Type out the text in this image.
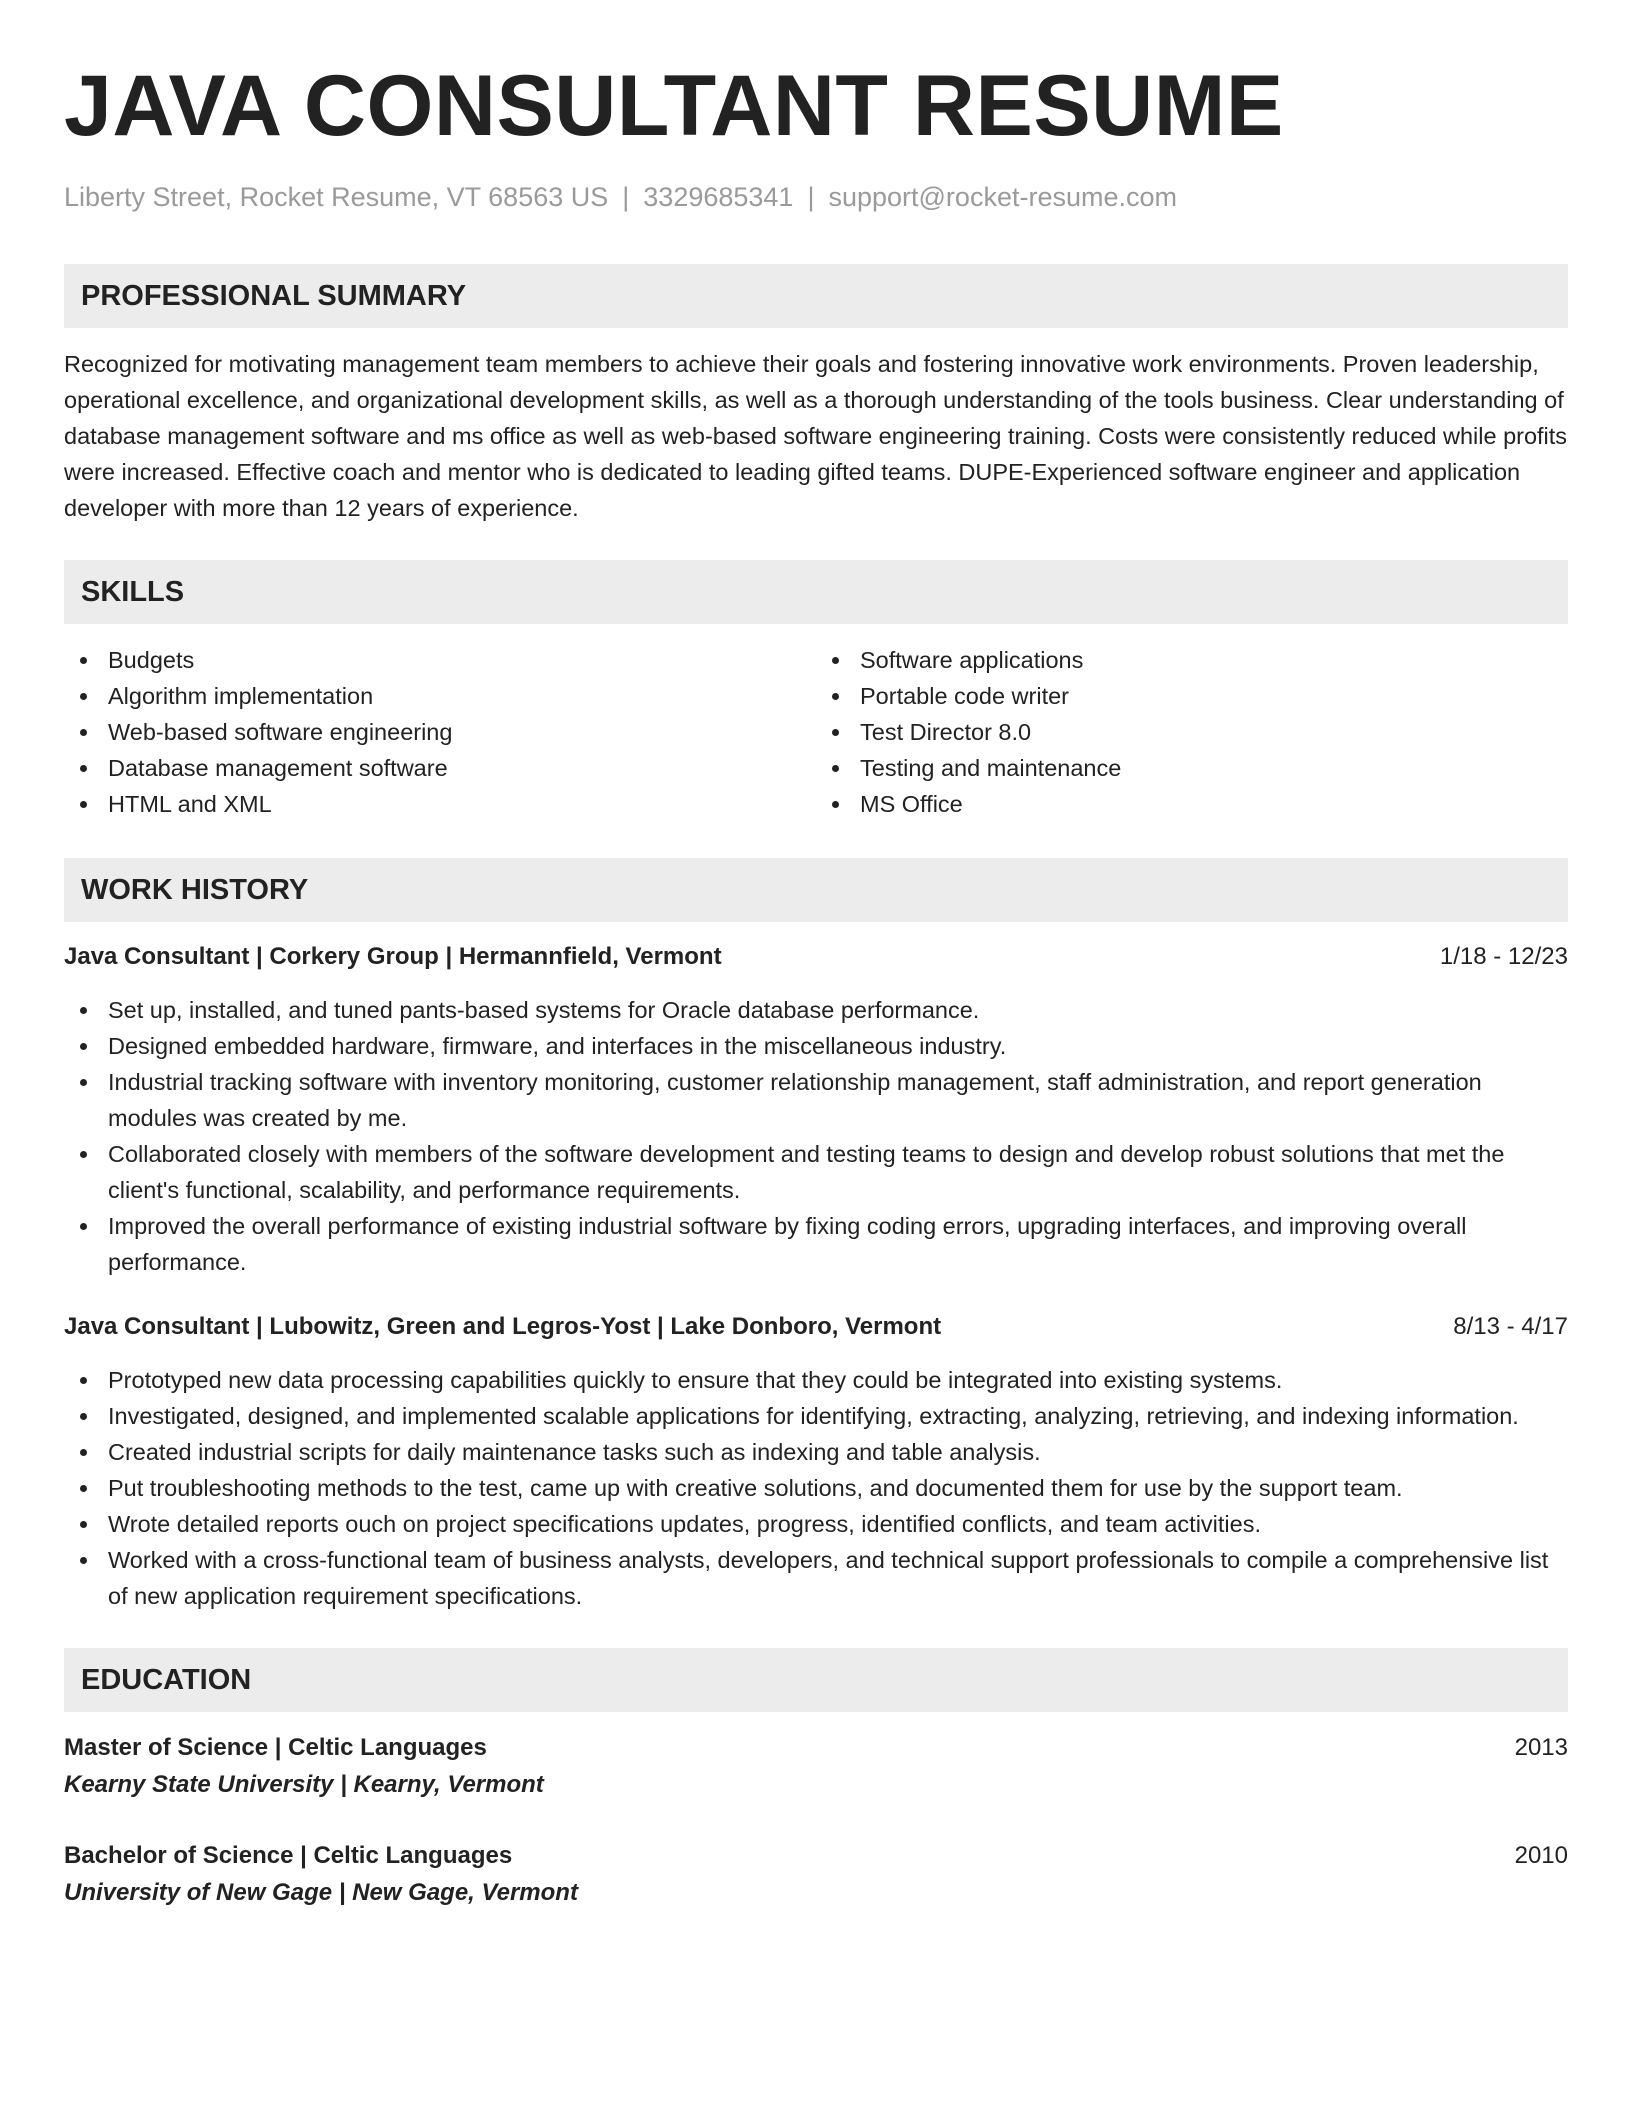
JAVA CONSULTANT RESUME
Liberty Street, Rocket Resume, VT 68563 US | 3329685341 | support@rocket-resume.com
PROFESSIONAL SUMMARY

Recognized for motivating management team members to achieve their goals and fostering innovative work environments. Proven leadership, operational excellence, and organizational development skills, as well as a thorough understanding of the tools business. Clear understanding of database management software and ms office as well as web-based software engineering training. Costs were consistently reduced while profits were increased. Effective coach and mentor who is dedicated to leading gifted teams. DUPE-Experienced software engineer and application developer with more than 12 years of experience.

SKILLS
Budgets
Algorithm implementation
Web-based software engineering
Database management software
HTML and XML
Software applications
Portable code writer
Test Director 8.0
Testing and maintenance
MS Office
WORK HISTORY
Java Consultant | Corkery Group | Hermannfield, Vermont	1/18 - 12/23
Set up, installed, and tuned pants-based systems for Oracle database performance.
Designed embedded hardware, firmware, and interfaces in the miscellaneous industry.
Industrial tracking software with inventory monitoring, customer relationship management, staff administration, and report generation modules was created by me.
Collaborated closely with members of the software development and testing teams to design and develop robust solutions that met the client's functional, scalability, and performance requirements.
Improved the overall performance of existing industrial software by fixing coding errors, upgrading interfaces, and improving overall performance.
Java Consultant | Lubowitz, Green and Legros-Yost | Lake Donboro, Vermont	8/13 - 4/17
Prototyped new data processing capabilities quickly to ensure that they could be integrated into existing systems.
Investigated, designed, and implemented scalable applications for identifying, extracting, analyzing, retrieving, and indexing information.
Created industrial scripts for daily maintenance tasks such as indexing and table analysis.
Put troubleshooting methods to the test, came up with creative solutions, and documented them for use by the support team.
Wrote detailed reports ouch on project specifications updates, progress, identified conflicts, and team activities.
Worked with a cross-functional team of business analysts, developers, and technical support professionals to compile a comprehensive list of new application requirement specifications.
EDUCATION
Master of Science | Celtic Languages	2013
Kearny State University | Kearny, Vermont
Bachelor of Science | Celtic Languages	2010
University of New Gage | New Gage, Vermont
